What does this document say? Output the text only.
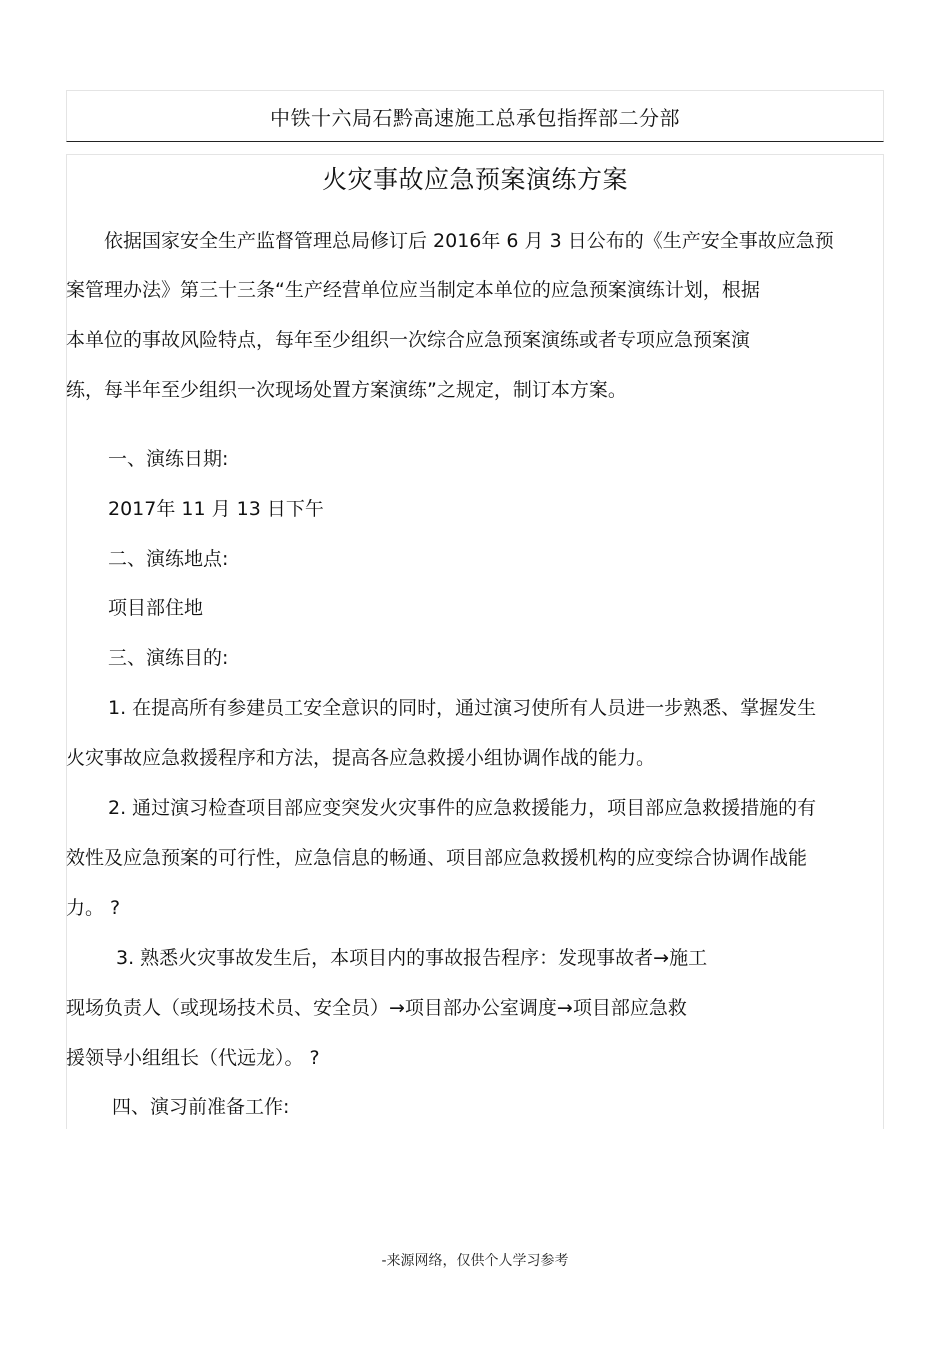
中铁十六局石黔高速施工总承包指挥部二分部
火灾事故应急预案演练方案
依据国家安全生产监督管理总局修订后 2016年 6 月 3 日公布的《生产安全事故应急预
案管理办法》第三十三条“生产经营单位应当制定本单位的应急预案演练计划，根据
本单位的事故风险特点，每年至少组织一次综合应急预案演练或者专项应急预案演
练，每半年至少组织一次现场处置方案演练”之规定，制订本方案。
一、演练日期:
2017年 11 月 13 日下午
二、演练地点:
项目部住地
三、演练目的:
1. 在提高所有参建员工安全意识的同时，通过演习使所有人员进一步熟悉、掌握发生
火灾事故应急救援程序和方法，提高各应急救援小组协调作战的能力。
2. 通过演习检查项目部应变突发火灾事件的应急救援能力，项目部应急救援措施的有
效性及应急预案的可行性，应急信息的畅通、项目部应急救援机构的应变综合协调作战能
力。 ?
3. 熟悉火灾事故发生后，本项目内的事故报告程序：发现事故者→施工
现场负责人（或现场技术员、安全员）→项目部办公室调度→项目部应急救
援领导小组组长（代远龙）。 ?
四、演习前准备工作:
-来源网络，仅供个人学习参考
